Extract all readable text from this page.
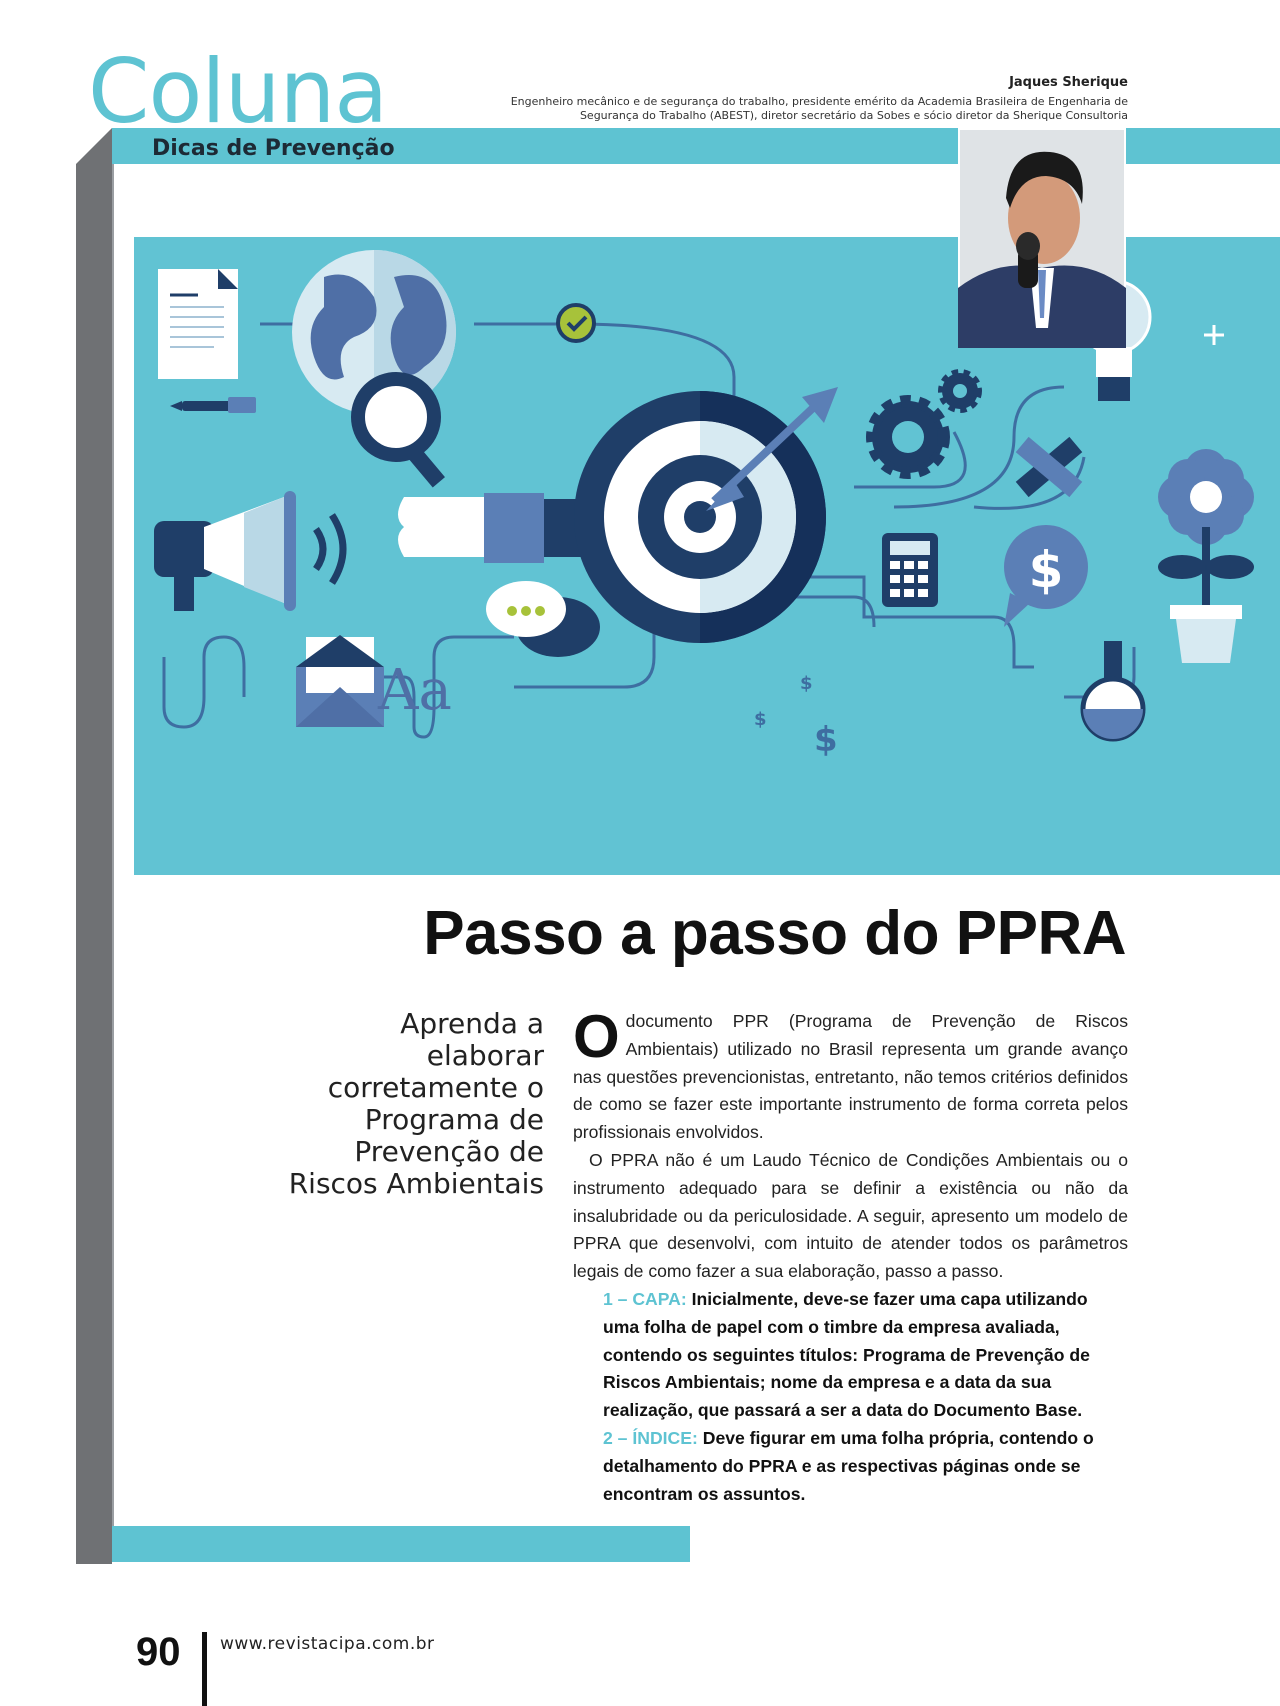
Coluna
Dicas de Prevenção
Jaques Sherique
Engenheiro mecânico e de segurança do trabalho, presidente emérito da Academia Brasileira de Engenharia de Segurança do Trabalho (ABEST), diretor secretário da Sobes e sócio diretor da Sherique Consultoria
Aa
$
$
$
$
Passo a passo do PPRA
Aprenda a elaborar corretamente o Programa de Prevenção de Riscos Ambientais

Odocumento PPR (Programa de Prevenção de Riscos Ambientais) utilizado no Brasil representa um grande avanço nas questões prevencionistas, entretanto, não temos critérios definidos de como se fazer este importante instrumento de forma correta pelos profissionais envolvidos.

O PPRA não é um Laudo Técnico de Condições Ambientais ou o instrumento adequado para se definir a existência ou não da insalubridade ou da periculosidade. A seguir, apresento um modelo de PPRA que desenvolvi, com intuito de atender todos os parâmetros legais de como fazer a sua elaboração, passo a passo.

1 – CAPA: Inicialmente, deve-se fazer uma capa utilizando uma folha de papel com o timbre da empresa avaliada, contendo os seguintes títulos: Programa de Prevenção de Riscos Ambientais; nome da empresa e a data da sua realização, que passará a ser a data do Documento Base.

2 – ÍNDICE: Deve figurar em uma folha própria, contendo o detalhamento do PPRA e as respectivas páginas onde se encontram os assuntos.

90 www.revistacipa.com.br
